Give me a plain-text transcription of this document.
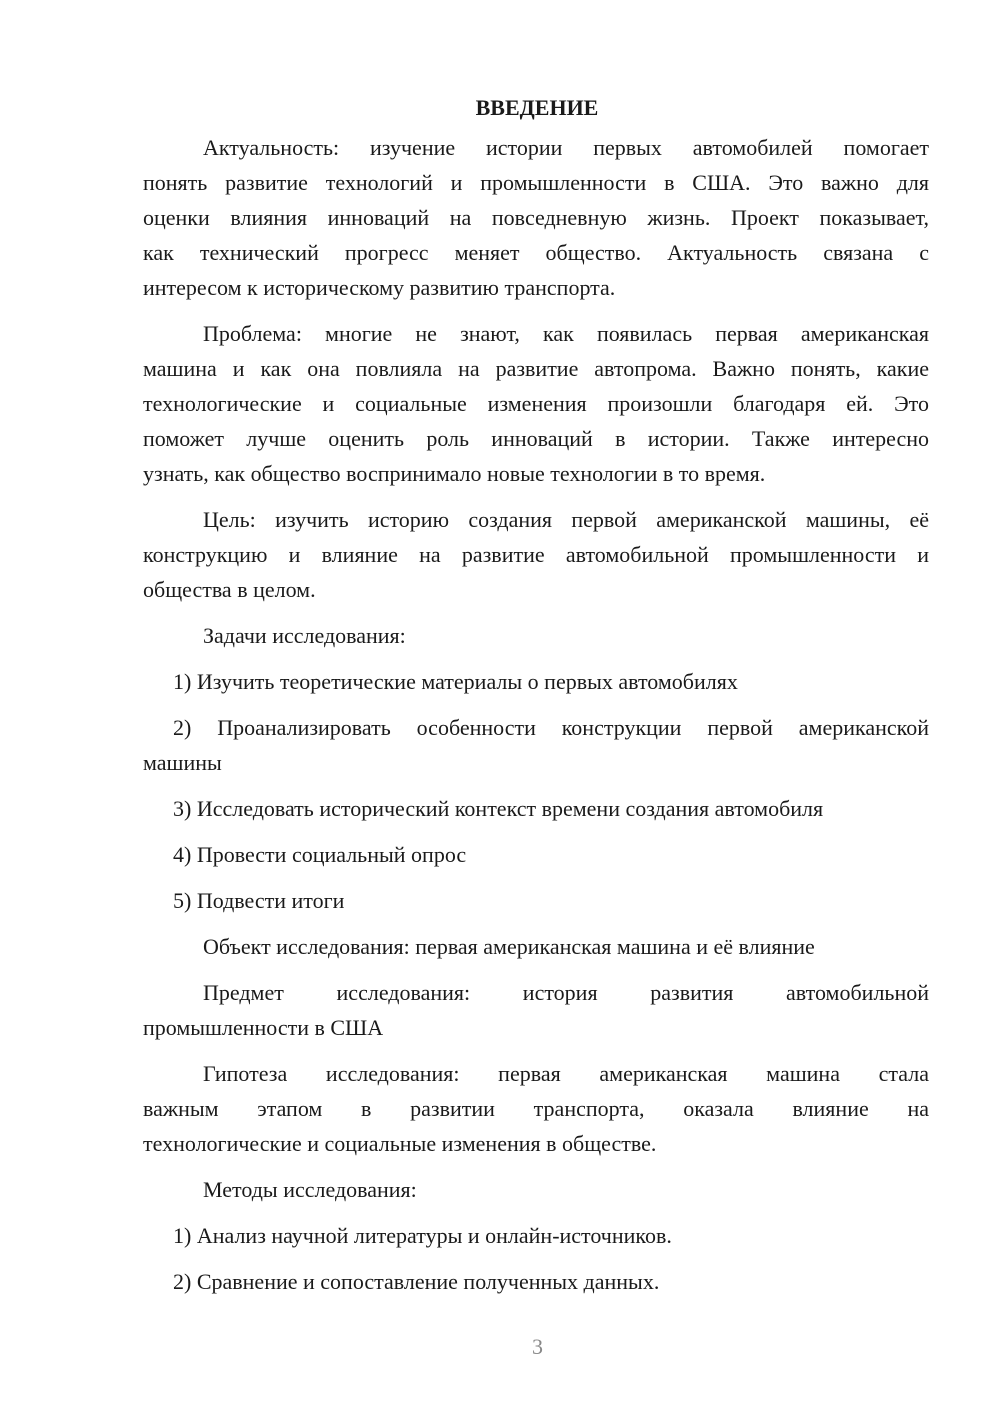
ВВЕДЕНИЕ
Актуальность: изучение истории первых автомобилей помогает
понять развитие технологий и промышленности в США. Это важно для
оценки влияния инноваций на повседневную жизнь. Проект показывает,
как технический прогресс меняет общество. Актуальность связана с
интересом к историческому развитию транспорта.
Проблема: многие не знают, как появилась первая американская
машина и как она повлияла на развитие автопрома. Важно понять, какие
технологические и социальные изменения произошли благодаря ей. Это
поможет лучше оценить роль инноваций в истории. Также интересно
узнать, как общество воспринимало новые технологии в то время.
Цель: изучить историю создания первой американской машины, её
конструкцию и влияние на развитие автомобильной промышленности и
общества в целом.
Задачи исследования:
1) Изучить теоретические материалы о первых автомобилях
2) Проанализировать особенности конструкции первой американской
машины
3) Исследовать исторический контекст времени создания автомобиля
4) Провести социальный опрос
5) Подвести итоги
Объект исследования: первая американская машина и её влияние
Предмет исследования: история развития автомобильной
промышленности в США
Гипотеза исследования: первая американская машина стала
важным этапом в развитии транспорта, оказала влияние на
технологические и социальные изменения в обществе.
Методы исследования:
1) Анализ научной литературы и онлайн-источников.
2) Сравнение и сопоставление полученных данных.
3
